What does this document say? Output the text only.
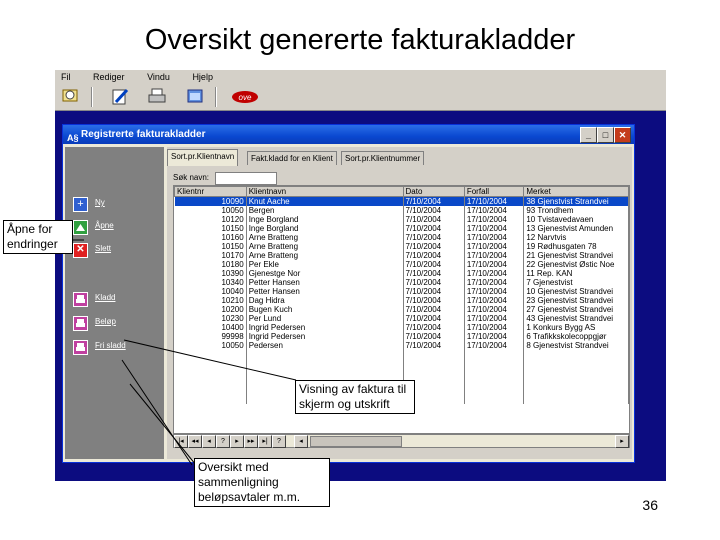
Oversikt genererte fakturakladder
Fil	Rediger	Vindu	Hjelp
ove
A§ Registrerte fakturakladder	_	□	✕
+	Ny
Åpne
✕	Slett
Kladd
Beløp
Fri sladd
Sort.pr.Klientnavn	Fakt.kladd for en Klient	Sort.pr.Klientnummer
Søk navn:
Klientnr	Klientnavn	Dato	Forfall	Merket
10090	Knut Aache	7/10/2004	17/10/2004	38 Gjenstvist Strandvei
10050	Bergen	7/10/2004	17/10/2004	93 Trondhem
10120	Inge Borgland	7/10/2004	17/10/2004	10 Tvistavedavaen
10150	Inge Borgland	7/10/2004	17/10/2004	13 Gjenestvist Amunden
10160	Arne Bratteng	7/10/2004	17/10/2004	12 Narvtvis
10150	Arne Bratteng	7/10/2004	17/10/2004	19 Rødhusgaten 78
10170	Arne Bratteng	7/10/2004	17/10/2004	21 Gjenestvist Strandvei
10180	Per Ekle	7/10/2004	17/10/2004	22 Gjenestvist Østic Noe
10390	Gjenestge Nor	7/10/2004	17/10/2004	11 Rep. KAN
10340	Petter Hansen	7/10/2004	17/10/2004	7 Gjenestvist
10040	Petter Hansen	7/10/2004	17/10/2004	10 Gjenestvist Strandvei
10210	Dag Hidra	7/10/2004	17/10/2004	23 Gjenestvist Strandvei
10200	Bugen Kuch	7/10/2004	17/10/2004	27 Gjenestvist Strandvei
10230	Per Lund	7/10/2004	17/10/2004	43 Gjenestvist Strandvei
10400	Ingrid Pedersen	7/10/2004	17/10/2004	1 Konkurs Bygg AS
99998	Ingrid Pedersen	7/10/2004	17/10/2004	6 Trafikkskolecoppgjør
10050	Pedersen	7/10/2004	17/10/2004	8 Gjenestvist Strandvei

|◂	◂◂	◂	?	▸	▸▸	▸|	?	◂	▸
Åpne for endringer
Visning av faktura til skjerm og utskrift
Oversikt med sammenligning beløpsavtaler m.m.	36
